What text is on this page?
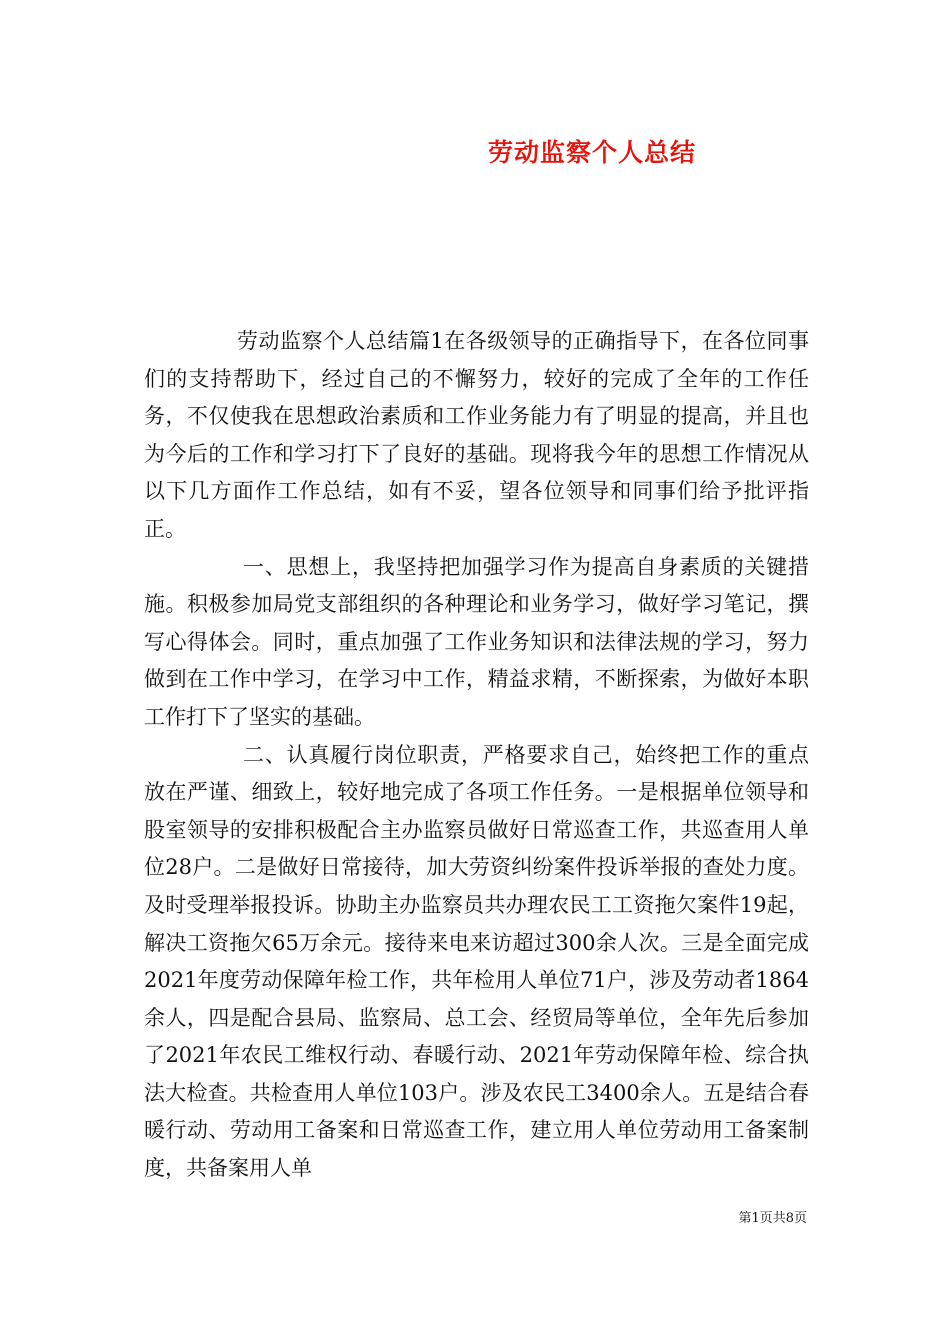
劳动监察个人总结

劳动监察个人总结篇1在各级领导的正确指导下，在各位同事们的支持帮助下，经过自己的不懈努力，较好的完成了全年的工作任务，不仅使我在思想政治素质和工作业务能力有了明显的提高，并且也为今后的工作和学习打下了良好的基础。现将我今年的思想工作情况从以下几方面作工作总结，如有不妥，望各位领导和同事们给予批评指正。

一、思想上，我坚持把加强学习作为提高自身素质的关键措施。积极参加局党支部组织的各种理论和业务学习，做好学习笔记，撰写心得体会。同时，重点加强了工作业务知识和法律法规的学习，努力做到在工作中学习，在学习中工作，精益求精，不断探索，为做好本职工作打下了坚实的基础。

二、认真履行岗位职责，严格要求自己，始终把工作的重点放在严谨、细致上，较好地完成了各项工作任务。一是根据单位领导和股室领导的安排积极配合主办监察员做好日常巡查工作，共巡查用人单位28户。二是做好日常接待，加大劳资纠纷案件投诉举报的查处力度。及时受理举报投诉。协助主办监察员共办理农民工工资拖欠案件19起，解决工资拖欠65万余元。接待来电来访超过300余人次。三是全面完成2021年度劳动保障年检工作，共年检用人单位71户，涉及劳动者1864余人，四是配合县局、监察局、总工会、经贸局等单位，全年先后参加了2021年农民工维权行动、春暖行动、2021年劳动保障年检、综合执法大检查。共检查用人单位103户。涉及农民工3400余人。五是结合春暖行动、劳动用工备案和日常巡查工作，建立用人单位劳动用工备案制度，共备案用人单

第1页共8页
